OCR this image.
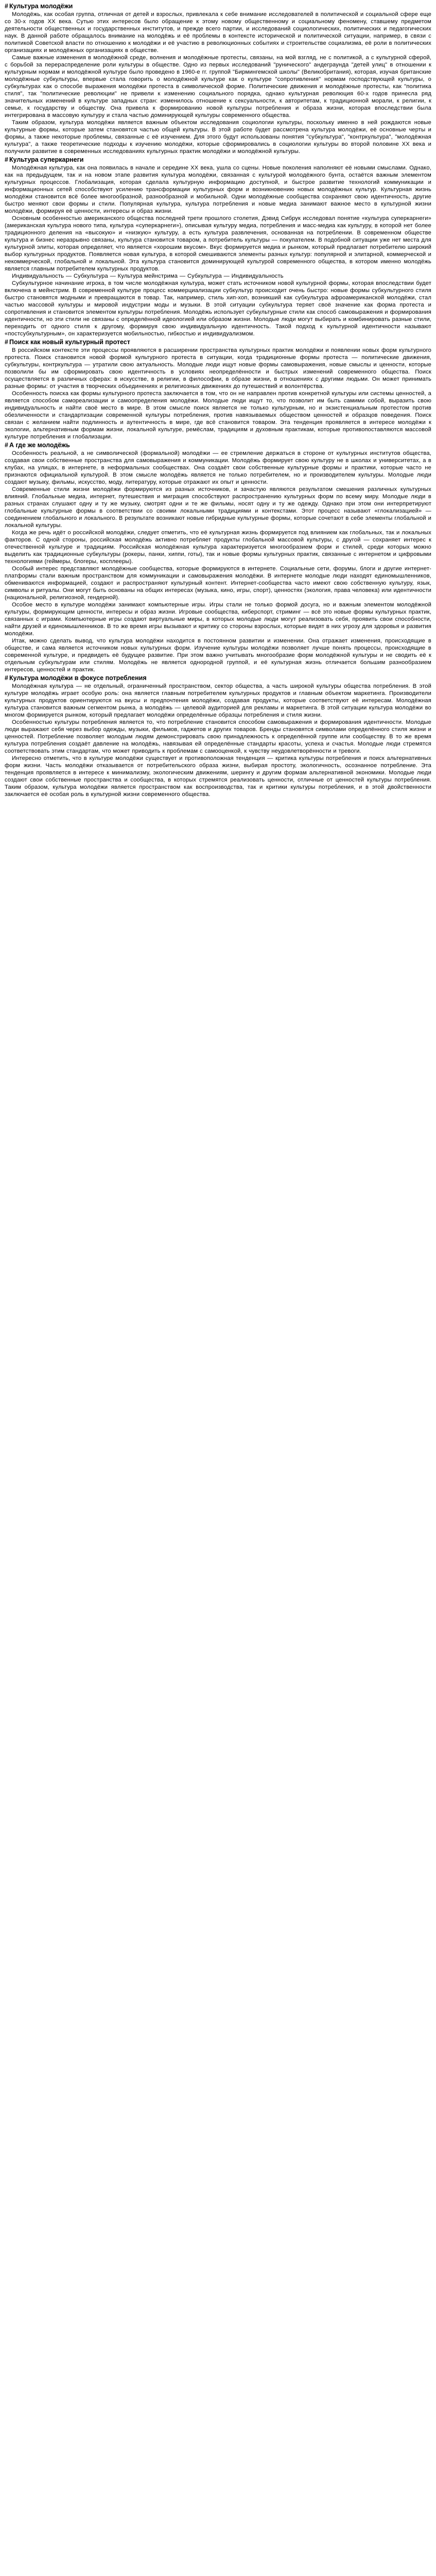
# Культура молодёжи

Молодёжь, как особая группа, отличная от детей и взрослых, привлекала к себе внимание исследователей в политической и социальной сфере еще со 30-х годов XX века. Сутью этих интересов было обращение к этому новому общественному и социальному феномену, ставшему предметом деятельности общественных и государственных институтов, и прежде всего партии, и исследований социологических, политических и педагогических наук. В данной работе обращалось внимание на молодёжь и её проблемы в контексте исторической и политической ситуации, например, в связи с политикой Советской власти по отношению к молодёжи и её участию в революционных событиях и строительстве социализма, её роли в политических организациях и молодёжных организациях в обществе.

Самые важные изменения в молодёжной среде, волнения и молодёжные протесты, связаны, на мой взгляд, не с политикой, а с культурной сферой, с борьбой за перераспределение роли культуры в обществе. Одно из первых исследований "рунического" андеграунда "детей улиц" в отношении к культурным нормам и молодёжной культуре было проведено в 1960-е гг. группой "Бирмингемской школы" (Великобритания), которая, изучая британские молодёжные субкультуры, впервые стала говорить о молодёжной культуре как о культуре "сопротивления" нормам господствующей культуры, о субкультурах как о способе выражения молодёжи протеста в символической форме. Политические движения и молодёжные протесты, как "политика стиля", так "политические революции" не привели к изменению социального порядка, однако культурная революция 60-х годов принесла ряд значительных изменений в культуре западных стран: изменилось отношение к сексуальности, к авторитетам, к традиционной морали, к религии, к семье, к государству и обществу. Она привела к формированию новой культуры потребления и образа жизни, которая впоследствии была интегрирована в массовую культуру и стала частью доминирующей культуры современного общества.

Таким образом, культура молодёжи является важным объектом исследования социологии культуры, поскольку именно в ней рождаются новые культурные формы, которые затем становятся частью общей культуры. В этой работе будет рассмотрена культура молодёжи, её основные черты и формы, а также некоторые проблемы, связанные с её изучением. Для этого будут использованы понятия "субкультура", "контркультура", "молодёжная культура", а также теоретические подходы к изучению молодёжи, которые сформировались в социологии культуры во второй половине XX века и получили развитие в современных исследованиях культурных практик молодёжи и молодёжной культуры.

# Культура суперкарнеги

Молодёжная культура, как она появилась в начале и середине XX века, ушла со сцены. Новые поколения наполняют её новыми смыслами. Однако, как на предыдущем, так и на новом этапе развития культура молодёжи, связанная с культурой молодёжного бунта, остаётся важным элементом культурных процессов. Глобализация, которая сделала культурную информацию доступной, и быстрое развитие технологий коммуникации и информационных сетей способствуют усилению трансформации культурных форм и возникновению новых молодёжных культур. Культурная жизнь молодёжи становится всё более многообразной, разнообразной и мобильной. Одни молодёжные сообщества сохраняют свою идентичность, другие быстро меняют свои формы и стили. Популярная культура, культура потребления и новые медиа занимают важное место в культурной жизни молодёжи, формируя её ценности, интересы и образ жизни.

Основным особенностью американского общества последней трети прошлого столетия, Дэвид Сибрук исследовал понятие «культура суперкарнеги» (американская культура нового типа, культура «суперкарнеги»), описывая культуру медиа, потребления и масс-медиа как культуру, в которой нет более традиционного деления на «высокую» и «низкую» культуру, а есть культура развлечения, основанная на потреблении. В современном обществе культура и бизнес неразрывно связаны, культура становится товаром, а потребитель культуры — покупателем. В подобной ситуации уже нет места для культурной элиты, которая определяет, что является «хорошим вкусом». Вкус формируется медиа и рынком, который предлагает потребителю широкий выбор культурных продуктов. Появляется новая культура, в которой смешиваются элементы разных культур: популярной и элитарной, коммерческой и некоммерческой, глобальной и локальной. Эта культура становится доминирующей культурой современного общества, в котором именно молодёжь является главным потребителем культурных продуктов.

Индивидуальность — Субкультура — Культура мейнстрима — Субкультура — Индивидуальность

Субкультурное начинание игрока, в том числе молодёжная культура, может стать источником новой культурной формы, которая впоследствии будет включена в мейнстрим. В современной культуре процесс коммерциализации субкультур происходит очень быстро: новые формы субкультурного стиля быстро становятся модными и превращаются в товар. Так, например, стиль хип-хоп, возникший как субкультура афроамериканской молодёжи, стал частью массовой культуры и мировой индустрии моды и музыки. В этой ситуации субкультура теряет своё значение как форма протеста и сопротивления и становится элементом культуры потребления. Молодёжь использует субкультурные стили как способ самовыражения и формирования идентичности, но эти стили не связаны с определённой идеологией или образом жизни. Молодые люди могут выбирать и комбинировать разные стили, переходить от одного стиля к другому, формируя свою индивидуальную идентичность. Такой подход к культурной идентичности называют «постсубкультурным», он характеризуется мобильностью, гибкостью и индивидуализмом.

# Поиск как новый культурный протест

В российском контексте эти процессы проявляются в расширении пространства культурных практик молодёжи и появлении новых форм культурного протеста. Поиск становится новой формой культурного протеста в ситуации, когда традиционные формы протеста — политические движения, субкультуры, контркультура — утратили свою актуальность. Молодые люди ищут новые формы самовыражения, новые смыслы и ценности, которые позволили бы им сформировать свою идентичность в условиях неопределённости и быстрых изменений современного общества. Поиск осуществляется в различных сферах: в искусстве, в религии, в философии, в образе жизни, в отношениях с другими людьми. Он может принимать разные формы: от участия в творческих объединениях и религиозных движениях до путешествий и волонтёрства.

Особенность поиска как формы культурного протеста заключается в том, что он не направлен против конкретной культуры или системы ценностей, а является способом самореализации и самоопределения молодёжи. Молодые люди ищут то, что позволит им быть самими собой, выразить свою индивидуальность и найти своё место в мире. В этом смысле поиск является не только культурным, но и экзистенциальным протестом против обезличенности и стандартизации современной культуры потребления, против навязываемых обществом ценностей и образцов поведения. Поиск связан с желанием найти подлинность и аутентичность в мире, где всё становится товаром. Эта тенденция проявляется в интересе молодёжи к экологии, альтернативным формам жизни, локальной культуре, ремёслам, традициям и духовным практикам, которые противопоставляются массовой культуре потребления и глобализации.

# А где же молодёжь

Особенность реальной, а не символической (формальной) молодёжи — ее стремление держаться в стороне от культурных институтов общества, создавая свои собственные пространства для самовыражения и коммуникации. Молодёжь формирует свою культуру не в школах и университетах, а в клубах, на улицах, в интернете, в неформальных сообществах. Она создаёт свои собственные культурные формы и практики, которые часто не признаются официальной культурой. В этом смысле молодёжь является не только потребителем, но и производителем культуры. Молодые люди создают музыку, фильмы, искусство, моду, литературу, которые отражают их опыт и ценности.

Современные стили жизни молодёжи формируются из разных источников, и зачастую являются результатом смешения различных культурных влияний. Глобальные медиа, интернет, путешествия и миграция способствуют распространению культурных форм по всему миру. Молодые люди в разных странах слушают одну и ту же музыку, смотрят одни и те же фильмы, носят одну и ту же одежду. Однако при этом они интерпретируют глобальные культурные формы в соответствии со своими локальными традициями и контекстами. Этот процесс называют «глокализацией» — соединением глобального и локального. В результате возникают новые гибридные культурные формы, которые сочетают в себе элементы глобальной и локальной культуры.

Когда же речь идёт о российской молодёжи, следует отметить, что её культурная жизнь формируется под влиянием как глобальных, так и локальных факторов. С одной стороны, российская молодёжь активно потребляет продукты глобальной массовой культуры, с другой — сохраняет интерес к отечественной культуре и традициям. Российская молодёжная культура характеризуется многообразием форм и стилей, среди которых можно выделить как традиционные субкультуры (рокеры, панки, хиппи, готы), так и новые формы культурных практик, связанные с интернетом и цифровыми технологиями (геймеры, блогеры, косплееры).

Особый интерес представляют молодёжные сообщества, которые формируются в интернете. Социальные сети, форумы, блоги и другие интернет-платформы стали важным пространством для коммуникации и самовыражения молодёжи. В интернете молодые люди находят единомышленников, обмениваются информацией, создают и распространяют культурный контент. Интернет-сообщества часто имеют свою собственную культуру, язык, символы и ритуалы. Они могут быть основаны на общих интересах (музыка, кино, игры, спорт), ценностях (экология, права человека) или идентичности (национальной, религиозной, гендерной).

Особое место в культуре молодёжи занимают компьютерные игры. Игры стали не только формой досуга, но и важным элементом молодёжной культуры, формирующим ценности, интересы и образ жизни. Игровые сообщества, киберспорт, стриминг — всё это новые формы культурных практик, связанных с играми. Компьютерные игры создают виртуальные миры, в которых молодые люди могут реализовать себя, проявить свои способности, найти друзей и единомышленников. В то же время игры вызывают и критику со стороны взрослых, которые видят в них угрозу для здоровья и развития молодёжи.

Итак, можно сделать вывод, что культура молодёжи находится в постоянном развитии и изменении. Она отражает изменения, происходящие в обществе, и сама является источником новых культурных форм. Изучение культуры молодёжи позволяет лучше понять процессы, происходящие в современной культуре, и предвидеть её будущее развитие. При этом важно учитывать многообразие форм молодёжной культуры и не сводить её к отдельным субкультурам или стилям. Молодёжь не является однородной группой, и её культурная жизнь отличается большим разнообразием интересов, ценностей и практик.

# Культура молодёжи в фокусе потребления

Молодёжная культура — не отдельный, ограниченный пространством, сектор общества, а часть широкой культуры общества потребления. В этой культуре молодёжь играет особую роль: она является главным потребителем культурных продуктов и главным объектом маркетинга. Производители культурных продуктов ориентируются на вкусы и предпочтения молодёжи, создавая продукты, которые соответствуют её интересам. Молодёжная культура становится важным сегментом рынка, а молодёжь — целевой аудиторией для рекламы и маркетинга. В этой ситуации культура молодёжи во многом формируется рынком, который предлагает молодёжи определённые образцы потребления и стиля жизни.

Особенностью культуры потребления является то, что потребление становится способом самовыражения и формирования идентичности. Молодые люди выражают себя через выбор одежды, музыки, фильмов, гаджетов и других товаров. Бренды становятся символами определённого стиля жизни и ценностей. Потребление позволяет молодым людям демонстрировать свою принадлежность к определённой группе или сообществу. В то же время культура потребления создаёт давление на молодёжь, навязывая ей определённые стандарты красоты, успеха и счастья. Молодые люди стремятся соответствовать этим стандартам, что может приводить к проблемам с самооценкой, к чувству неудовлетворённости и тревоги.

Интересно отметить, что в культуре молодёжи существует и противоположная тенденция — критика культуры потребления и поиск альтернативных форм жизни. Часть молодёжи отказывается от потребительского образа жизни, выбирая простоту, экологичность, осознанное потребление. Эта тенденция проявляется в интересе к минимализму, экологическим движениям, шерингу и другим формам альтернативной экономики. Молодые люди создают свои собственные пространства и сообщества, в которых стремятся реализовать ценности, отличные от ценностей культуры потребления. Таким образом, культура молодёжи является пространством как воспроизводства, так и критики культуры потребления, и в этой двойственности заключается её особая роль в культурной жизни современного общества.
